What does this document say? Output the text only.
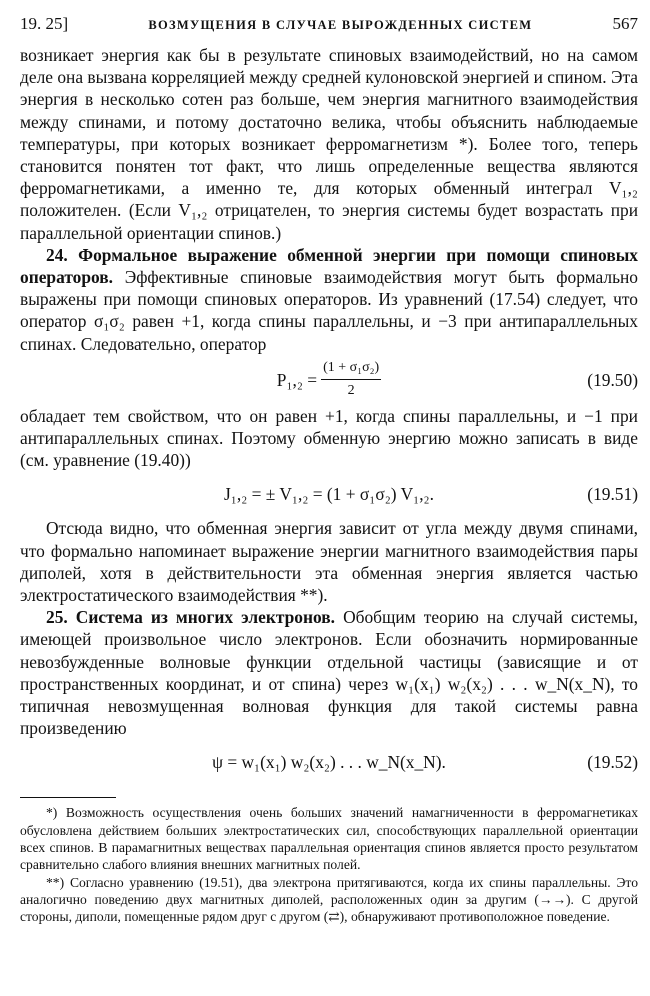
19. 25]	ВОЗМУЩЕНИЯ В СЛУЧАЕ ВЫРОЖДЕННЫХ СИСТЕМ	567

возникает энергия как бы в результате спиновых взаимодействий, но на самом деле она вызвана корреляцией между средней кулоновской энергией и спином. Эта энергия в несколько сотен раз больше, чем энергия магнитного взаимодействия между спинами, и потому достаточно велика, чтобы объяснить наблюдаемые температуры, при которых возникает ферромагнетизм *). Более того, теперь становится понятен тот факт, что лишь определенные вещества являются ферромагнетиками, а именно те, для которых обменный интеграл V₁,₂ положителен. (Если V₁,₂ отрицателен, то энергия системы будет возрастать при параллельной ориентации спинов.)

24. Формальное выражение обменной энергии при помощи спиновых операторов. Эффективные спиновые взаимодействия могут быть формально выражены при помощи спиновых операторов. Из уравнений (17.54) следует, что оператор σ₁σ₂ равен +1, когда спины параллельны, и −3 при антипараллельных спинах. Следовательно, оператор

$P_1,_2 = \frac{\text{(1 + σ₁σ₂)}}{2}$	(19.50)

обладает тем свойством, что он равен +1, когда спины параллельны, и −1 при антипараллельных спинах. Поэтому обменную энергию можно записать в виде (см. уравнение (19.40))

J₁,₂ = ± V₁,₂ = (1 + σ₁σ₂) V₁,₂.	(19.51)

Отсюда видно, что обменная энергия зависит от угла между двумя спинами, что формально напоминает выражение энергии магнитного взаимодействия пары диполей, хотя в действительности эта обменная энергия является частью электростатического взаимодействия **).

25. Система из многих электронов. Обобщим теорию на случай системы, имеющей произвольное число электронов. Если обозначить нормированные невозбужденные волновые функции отдельной частицы (зависящие и от пространственных координат, и от спина) через w₁(x₁) w₂(x₂) . . . w_N(x_N), то типичная невозмущенная волновая функция для такой системы равна произведению

ψ = w₁(x₁) w₂(x₂) . . . w_N(x_N).	(19.52)

*) Возможность осуществления очень больших значений намагниченности в ферромагнетиках обусловлена действием больших электростатических сил, способствующих параллельной ориентации всех спинов. В парамагнитных веществах параллельная ориентация спинов является просто результатом сравнительно слабого влияния внешних магнитных полей.

**) Согласно уравнению (19.51), два электрона притягиваются, когда их спины параллельны. Это аналогично поведению двух магнитных диполей, расположенных один за другим (→→). С другой стороны, диполи, помещенные рядом друг с другом (⇄), обнаруживают противоположное поведение.
